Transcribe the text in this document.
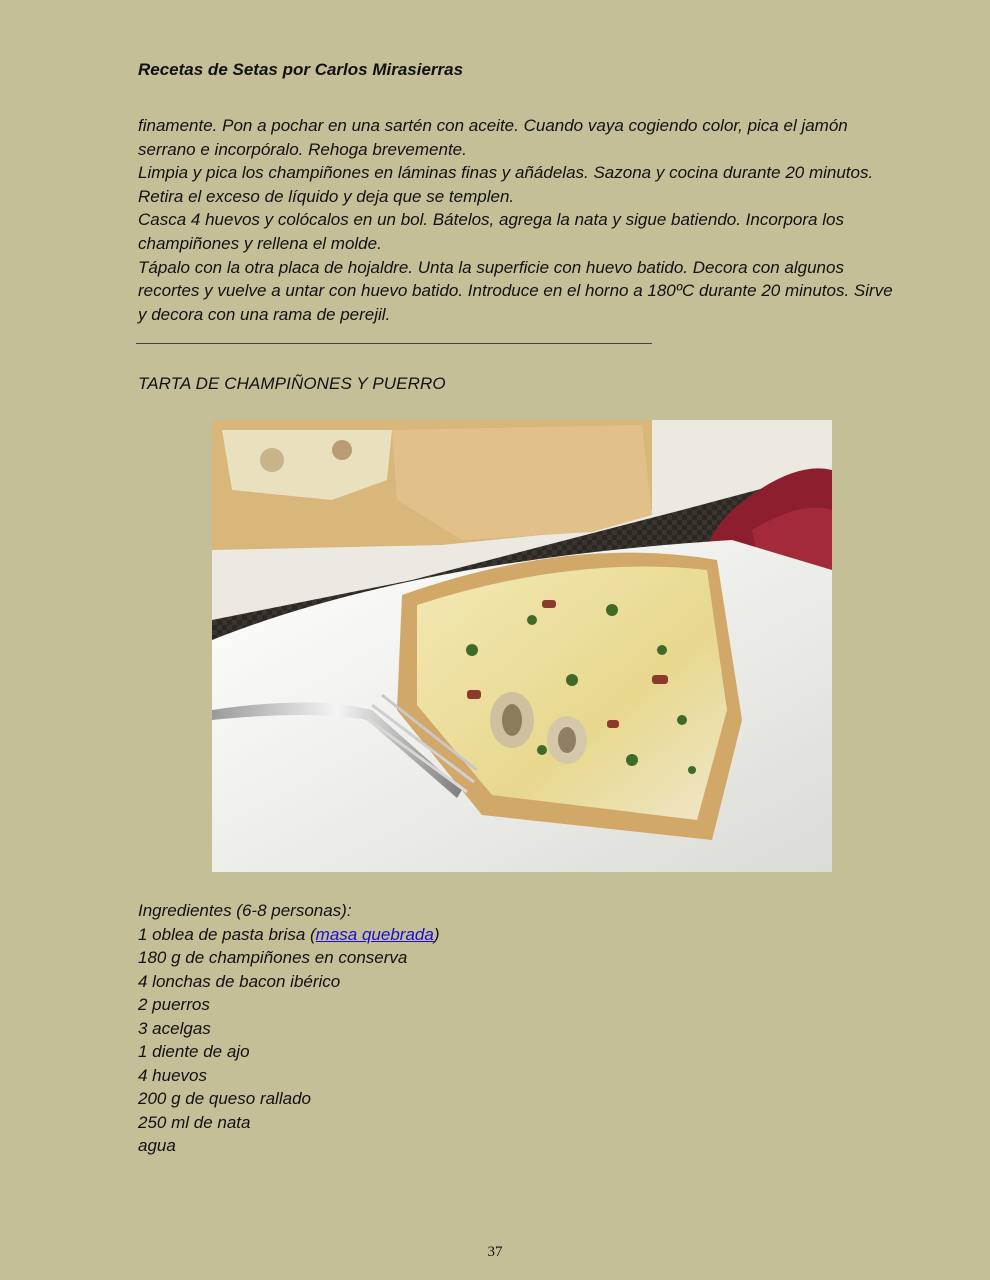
Recetas de Setas por Carlos Mirasierras

finamente. Pon a pochar en una sartén con aceite. Cuando vaya cogiendo color, pica el jamón serrano e incorpóralo. Rehoga brevemente.

Limpia y pica los champiñones en láminas finas y añádelas. Sazona y cocina durante 20 minutos. Retira el exceso de líquido y deja que se templen.

Casca 4 huevos y colócalos en un bol. Bátelos, agrega la nata y sigue batiendo. Incorpora los champiñones y rellena el molde.

Tápalo con la otra placa de hojaldre. Unta la superficie con huevo batido. Decora con algunos recortes y vuelve a untar con huevo batido. Introduce en el horno a 180ºC durante 20 minutos. Sirve y decora con una rama de perejil.

TARTA DE CHAMPIÑONES Y PUERRO
Ingredientes (6-8 personas):
1 oblea de pasta brisa (masa quebrada)
180 g de champiñones en conserva
4 lonchas de bacon ibérico
2 puerros
3 acelgas
1 diente de ajo
4 huevos
200 g de queso rallado
250 ml de nata
agua
37
